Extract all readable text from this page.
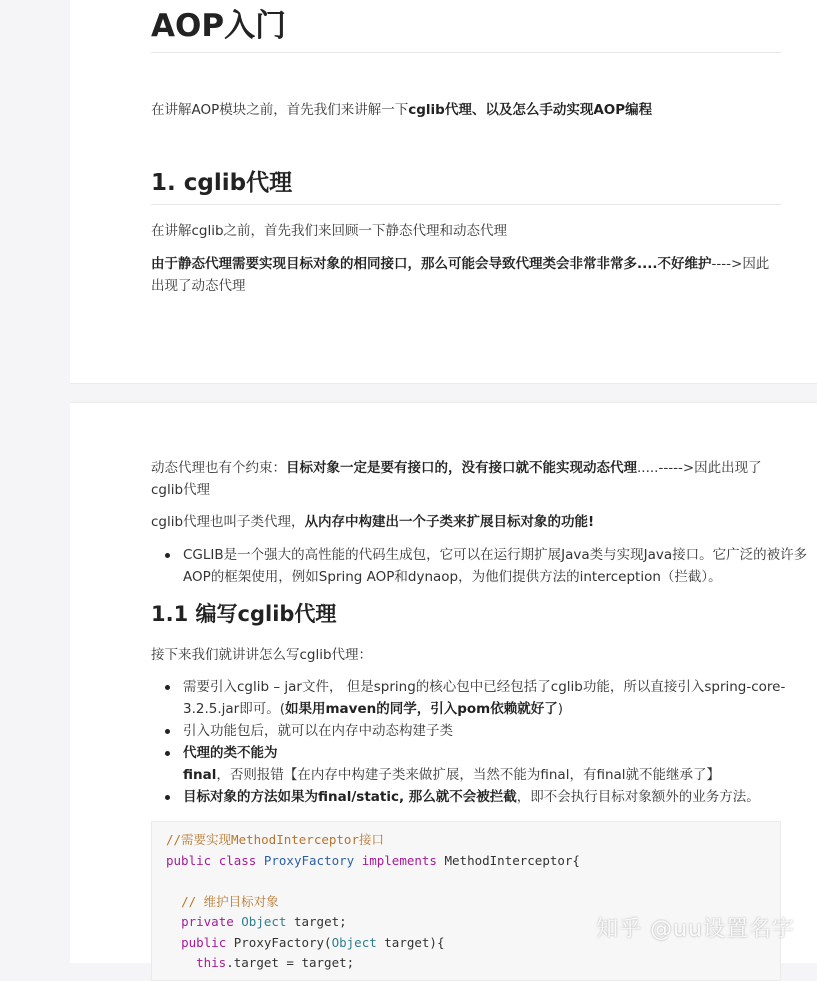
AOP入门

在讲解AOP模块之前，首先我们来讲解一下cglib代理、以及怎么手动实现AOP编程

1. cglib代理

在讲解cglib之前，首先我们来回顾一下静态代理和动态代理

由于静态代理需要实现目标对象的相同接口，那么可能会导致代理类会非常非常多....不好维护---->因此出现了动态代理

动态代理也有个约束：目标对象一定是要有接口的，没有接口就不能实现动态代理.....----->因此出现了cglib代理

cglib代理也叫子类代理，从内存中构建出一个子类来扩展目标对象的功能!

CGLIB是一个强大的高性能的代码生成包，它可以在运行期扩展Java类与实现Java接口。它广泛的被许多AOP的框架使用，例如Spring AOP和dynaop，为他们提供方法的interception（拦截）。
1.1 编写cglib代理

接下来我们就讲讲怎么写cglib代理：

需要引入cglib – jar文件， 但是spring的核心包中已经包括了cglib功能，所以直接引入spring-core-3.2.5.jar即可。(如果用maven的同学，引入pom依赖就好了)
引入功能包后，就可以在内存中动态构建子类
代理的类不能为final，否则报错【在内存中构建子类来做扩展，当然不能为final，有final就不能继承了】
目标对象的方法如果为final/static, 那么就不会被拦截，即不会执行目标对象额外的业务方法。
//需要实现MethodInterceptor接口
public class ProxyFactory implements MethodInterceptor{

// 维护目标对象
private Object target;
public ProxyFactory(Object target){
this.target = target;
知乎 @uu设置名字
